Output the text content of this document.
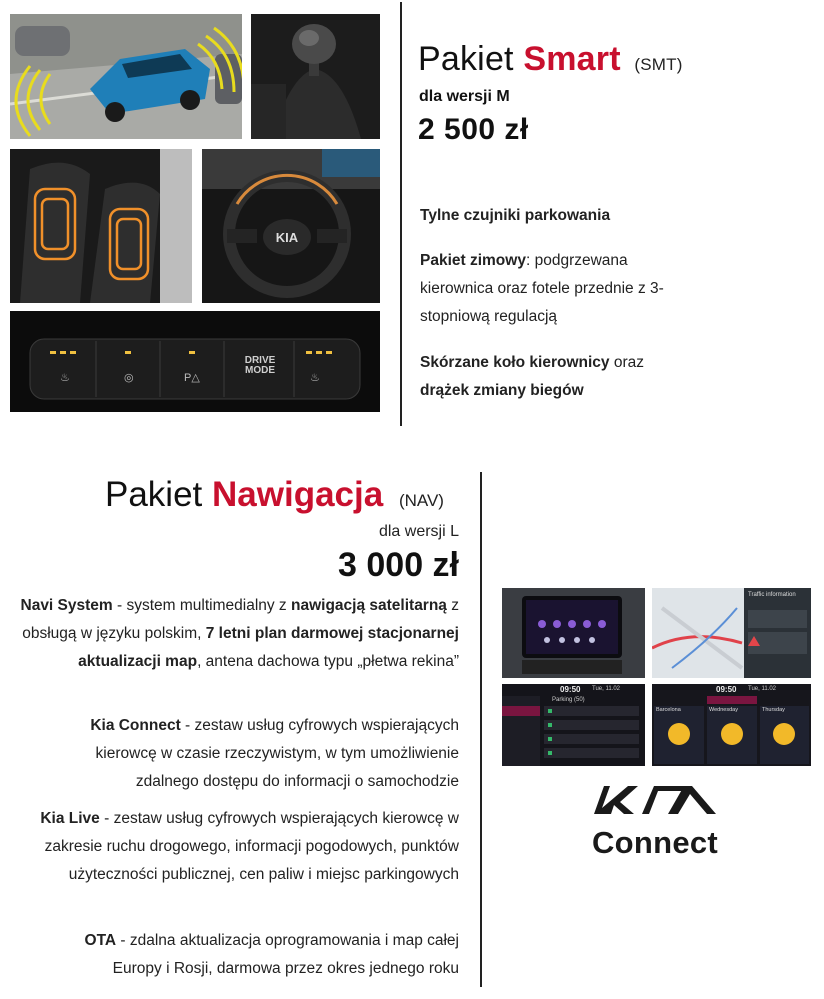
KIA
♨	◎	P△	♨
DRIVE
MODE
Pakiet Smart (SMT)
dla wersji M
2 500 zł
Tylne czujniki parkowania
Pakiet zimowy: podgrzewana kierownica oraz fotele przednie z 3-stopniową regulacją
Skórzane koło kierownicy oraz drążek zmiany biegów
Pakiet Nawigacja (NAV)
dla wersji L
3 000 zł
Navi System - system multimedialny z nawigacją satelitarną z obsługą w języku polskim, 7 letni plan darmowej stacjonarnej aktualizacji map, antena dachowa typu „płetwa rekina”
Kia Connect - zestaw usług cyfrowych wspierających kierowcę w czasie rzeczywistym, w tym umożliwienie zdalnego dostępu do informacji o samochodzie
Kia Live - zestaw usług cyfrowych wspierających kierowcę w zakresie ruchu drogowego, informacji pogodowych, punktów użyteczności publicznej, cen paliw i miejsc parkingowych
OTA - zdalna aktualizacja oprogramowania i map całej Europy i Rosji, darmowa przez okres jednego roku
Traffic information
09:50 Tue, 11.02
Parking (50)
09:50 Tue, 11.02
Barcelona	Wednesday	Thursday
Connect
otomoto
